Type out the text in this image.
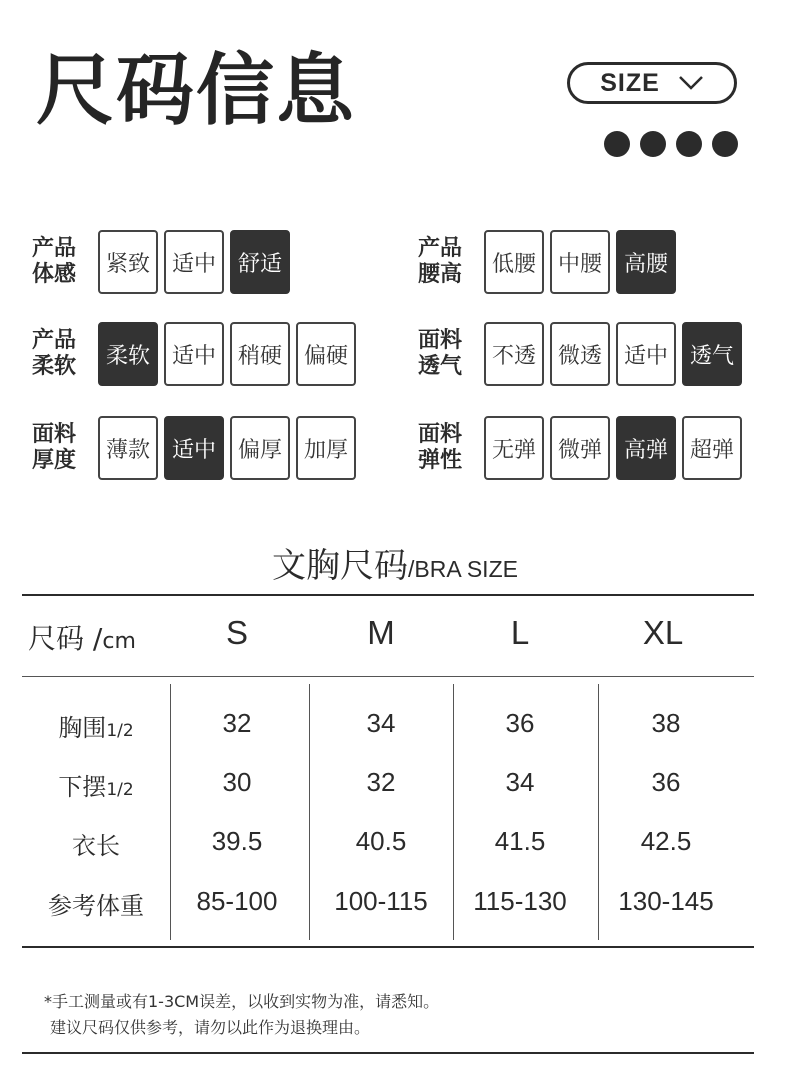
尺码信息	SIZE
产品
体感	紧致 适中 舒适
产品
腰高	低腰 中腰 高腰
产品
柔软	柔软 适中 稍硬 偏硬
面料
透气	不透 微透 适中 透气
面料
厚度	薄款 适中 偏厚 加厚
面料
弹性	无弹 微弹 高弹 超弹
文胸尺码/BRA SIZE
尺码 /cm	S	M	L	XL
胸围1/2	32	34	36	38
下摆1/2	30	32	34	36
衣长	39.5	40.5	41.5	42.5
参考体重	85-100	100-115	115-130	130-145
*手工测量或有1-3CM误差，以收到实物为准，请悉知。
建议尺码仅供参考，请勿以此作为退换理由。
